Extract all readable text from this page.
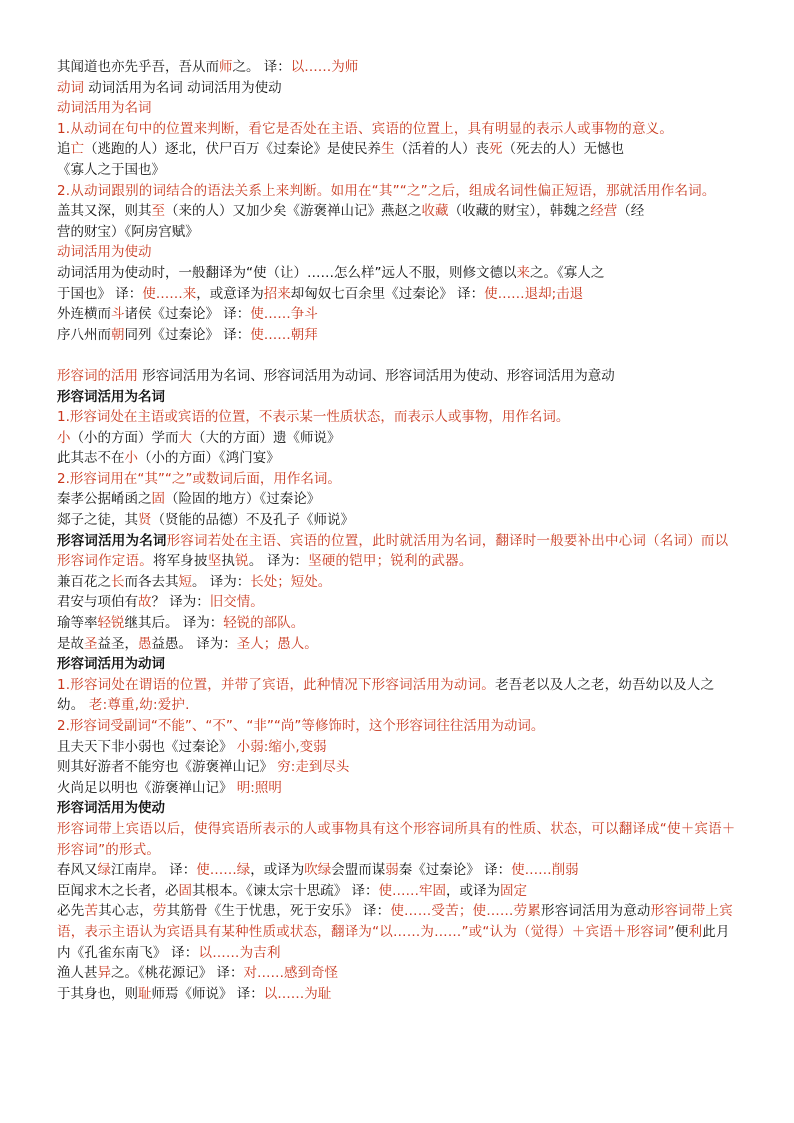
其闻道也亦先乎吾，吾从而师之。 译：以……为师
动词 动词活用为名词 动词活用为使动
动词活用为名词
1.从动词在句中的位置来判断，看它是否处在主语、宾语的位置上，具有明显的表示人或事物的意义。
追亡（逃跑的人）逐北，伏尸百万《过秦论》是使民养生（活着的人）丧死（死去的人）无憾也
《寡人之于国也》
2.从动词跟别的词结合的语法关系上来判断。如用在“其”“之”之后，组成名词性偏正短语，那就活用作名词。
盖其又深，则其至（来的人）又加少矣《游褒禅山记》燕赵之收藏（收藏的财宝），韩魏之经营（经
营的财宝）《阿房宫赋》
动词活用为使动
动词活用为使动时，一般翻译为“使（让）……怎么样”远人不服，则修文德以来之。《寡人之
于国也》 译：使……来，或意译为招来却匈奴七百余里《过秦论》 译：使……退却;击退
外连横而斗诸侯《过秦论》 译：使……争斗
序八州而朝同列《过秦论》 译：使……朝拜
形容词的活用 形容词活用为名词、形容词活用为动词、形容词活用为使动、形容词活用为意动
形容词活用为名词
1.形容词处在主语或宾语的位置，不表示某一性质状态，而表示人或事物，用作名词。
小（小的方面）学而大（大的方面）遗《师说》
此其志不在小（小的方面）《鸿门宴》
2.形容词用在“其”“之”或数词后面，用作名词。
秦孝公据崤函之固（险固的地方）《过秦论》
郯子之徒，其贤（贤能的品德）不及孔子《师说》
形容词活用为名词形容词若处在主语、宾语的位置，此时就活用为名词，翻译时一般要补出中心词（名词）而以形容词作定语。将军身披坚执锐。 译为：坚硬的铠甲；锐利的武器。
兼百花之长而各去其短。 译为：长处；短处。
君安与项伯有故？ 译为：旧交情。
瑜等率轻锐继其后。 译为：轻锐的部队。
是故圣益圣，愚益愚。 译为：圣人；愚人。
形容词活用为动词
1.形容词处在谓语的位置，并带了宾语，此种情况下形容词活用为动词。老吾老以及人之老，幼吾幼以及人之幼。 老:尊重,幼:爱护.
2.形容词受副词“不能”、“不”、“非”“尚”等修饰时，这个形容词往往活用为动词。
且夫天下非小弱也《过秦论》 小弱:缩小,变弱
则其好游者不能穷也《游褒禅山记》 穷:走到尽头
火尚足以明也《游褒禅山记》 明:照明
形容词活用为使动
形容词带上宾语以后，使得宾语所表示的人或事物具有这个形容词所具有的性质、状态，可以翻译成“使＋宾语＋形容词”的形式。
春风又绿江南岸。 译：使……绿，或译为吹绿会盟而谋弱秦《过秦论》 译：使……削弱
臣闻求木之长者，必固其根本。《谏太宗十思疏》 译：使……牢固，或译为固定
必先苦其心志，劳其筋骨《生于忧患，死于安乐》 译：使……受苦；使……劳累形容词活用为意动形容词带上宾语，表示主语认为宾语具有某种性质或状态，翻译为“以……为……”或“认为（觉得）＋宾语＋形容词”便利此月内《孔雀东南飞》 译：以……为吉利
渔人甚异之。《桃花源记》 译：对……感到奇怪
于其身也，则耻师焉《师说》 译：以……为耻
